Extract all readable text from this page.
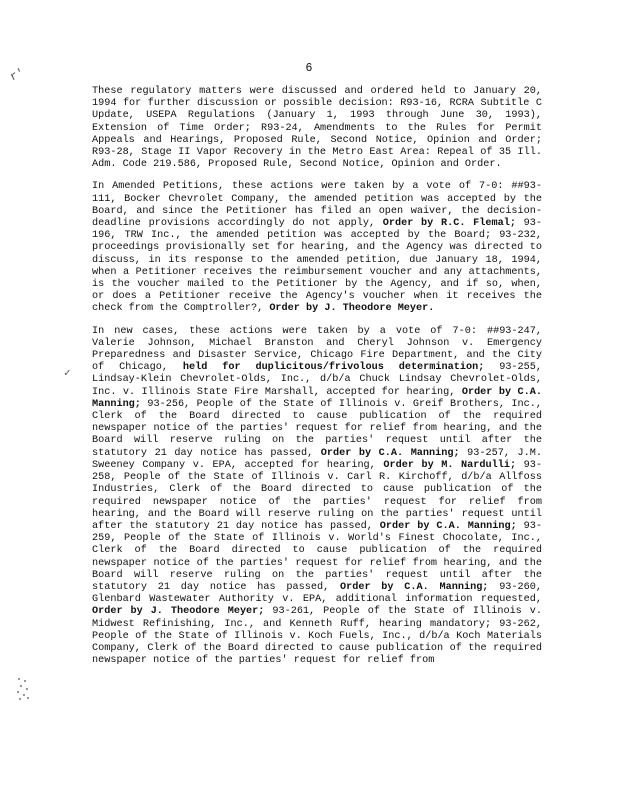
6
r'
✓

These regulatory matters were discussed and ordered held to January 20, 1994 for further discussion or possible decision: R93-16, RCRA Subtitle C Update, USEPA Regulations (January 1, 1993 through June 30, 1993), Extension of Time Order; R93-24, Amendments to the Rules for Permit Appeals and Hearings, Proposed Rule, Second Notice, Opinion and Order; R93-28, Stage II Vapor Recovery in the Metro East Area: Repeal of 35 Ill. Adm. Code 219.586, Proposed Rule, Second Notice, Opinion and Order.

In Amended Petitions, these actions were taken by a vote of 7-0: ##93-111, Bocker Chevrolet Company, the amended petition was accepted by the Board, and since the Petitioner has filed an open waiver, the decision-deadline provisions accordingly do not apply, Order by R.C. Flemal; 93-196, TRW Inc., the amended petition was accepted by the Board; 93-232, proceedings provisionally set for hearing, and the Agency was directed to discuss, in its response to the amended petition, due January 18, 1994, when a Petitioner receives the reimbursement voucher and any attachments, is the voucher mailed to the Petitioner by the Agency, and if so, when, or does a Petitioner receive the Agency's voucher when it receives the check from the Comptroller?, Order by J. Theodore Meyer.

In new cases, these actions were taken by a vote of 7-0: ##93-247, Valerie Johnson, Michael Branston and Cheryl Johnson v. Emergency Preparedness and Disaster Service, Chicago Fire Department, and the City of Chicago, held for duplicitous/frivolous determination; 93-255, Lindsay-Klein Chevrolet-Olds, Inc., d/b/a Chuck Lindsay Chevrolet-Olds, Inc. v. Illinois State Fire Marshall, accepted for hearing, Order by C.A. Manning; 93-256, People of the State of Illinois v. Greif Brothers, Inc., Clerk of the Board directed to cause publication of the required newspaper notice of the parties' request for relief from hearing, and the Board will reserve ruling on the parties' request until after the statutory 21 day notice has passed, Order by C.A. Manning; 93-257, J.M. Sweeney Company v. EPA, accepted for hearing, Order by M. Nardulli; 93-258, People of the State of Illinois v. Carl R. Kirchoff, d/b/a Allfoss Industries, Clerk of the Board directed to cause publication of the required newspaper notice of the parties' request for relief from hearing, and the Board will reserve ruling on the parties' request until after the statutory 21 day notice has passed, Order by C.A. Manning; 93-259, People of the State of Illinois v. World's Finest Chocolate, Inc., Clerk of the Board directed to cause publication of the required newspaper notice of the parties' request for relief from hearing, and the Board will reserve ruling on the parties' request until after the statutory 21 day notice has passed, Order by C.A. Manning; 93-260, Glenbard Wastewater Authority v. EPA, additional information requested, Order by J. Theodore Meyer; 93-261, People of the State of Illinois v. Midwest Refinishing, Inc., and Kenneth Ruff, hearing mandatory; 93-262, People of the State of Illinois v. Koch Fuels, Inc., d/b/a Koch Materials Company, Clerk of the Board directed to cause publication of the required newspaper notice of the parties' request for relief from
